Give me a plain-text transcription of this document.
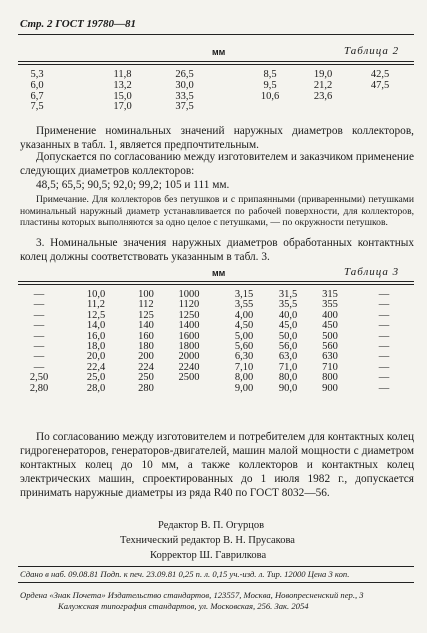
Стр. 2 ГОСТ 19780—81
мм	Таблица 2
5,3
6,0
6,7
7,5
11,8
13,2
15,0
17,0
26,5
30,0
33,5
37,5
8,5
9,5
10,6
19,0
21,2
23,6
42,5
47,5

Применение номинальных значений наружных диаметров коллекторов, указанных в табл. 1, является предпочтительным.

Допускается по согласованию между изготовителем и заказчиком применение следующих диаметров коллекторов:

48,5; 65,5; 90,5; 92,0; 99,2; 105 и 111 мм.

Примечание. Для коллекторов без петушков и с припаянными (приваренными) петушками номинальный наружный диаметр устанавливается по рабочей поверхности, для коллекторов, пластины которых выполняются за одно целое с петушками, — по окружности петушков.

3. Номинальные значения наружных диаметров обработанных контактных колец должны соответствовать указанным в табл. 3.

мм	Таблица 3
—
—
—
—
—
—
—
—
2,50
2,80
10,0
11,2
12,5
14,0
16,0
18,0
20,0
22,4
25,0
28,0
100
112
125
140
160
180
200
224
250
280
1000
1120
1250
1400
1600
1800
2000
2240
2500
3,15
3,55
4,00
4,50
5,00
5,60
6,30
7,10
8,00
9,00
31,5
35,5
40,0
45,0
50,0
56,0
63,0
71,0
80,0
90,0
315
355
400
450
500
560
630
710
800
900
—
—
—
—
—
—
—
—
—
—

По согласованию между изготовителем и потребителем для контактных колец гидрогенераторов, генераторов-двигателей, машин малой мощности с диаметром контактных колец до 10 мм, а также коллекторов и контактных колец электрических машин, спроектированных до 1 июля 1982 г., допускается принимать наружные диаметры из ряда R40 по ГОСТ 8032—56.

Редактор В. П. Огурцов
Технический редактор В. Н. Прусакова
Корректор Ш. Гаврилкова
Сдано в наб. 09.08.81 Подп. к печ. 23.09.81 0,25 п. л. 0,15 уч.-изд. л. Тир. 12000 Цена 3 коп.
Ордена «Знак Почета» Издательство стандартов, 123557, Москва, Новопресненский пер., 3
Калужская типография стандартов, ул. Московская, 256. Зак. 2054
